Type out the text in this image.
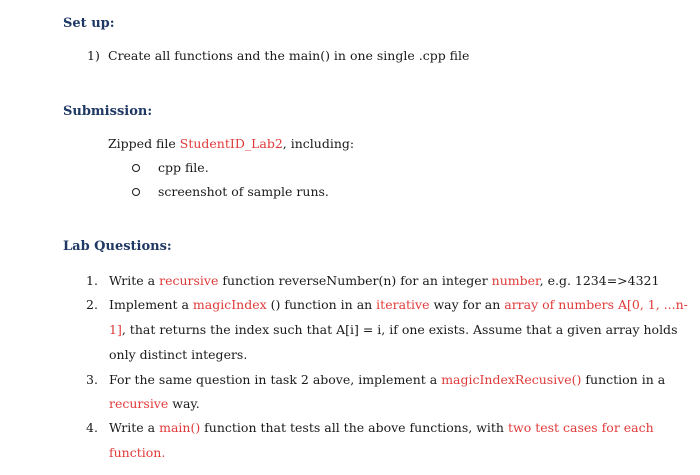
Set up:
1) Create all functions and the main() in one single .cpp file
Submission:
Zipped file StudentID_Lab2, including:
cpp file.
screenshot of sample runs.
Lab Questions:
1. Write a recursive function reverseNumber(n) for an integer number, e.g. 1234=>4321
2. Implement a magicIndex () function in an iterative way for an array of numbers A[0, 1, ...n-
1], that returns the index such that A[i] = i, if one exists. Assume that a given array holds
only distinct integers.
3. For the same question in task 2 above, implement a magicIndexRecusive() function in a
recursive way.
4. Write a main() function that tests all the above functions, with two test cases for each
function.
